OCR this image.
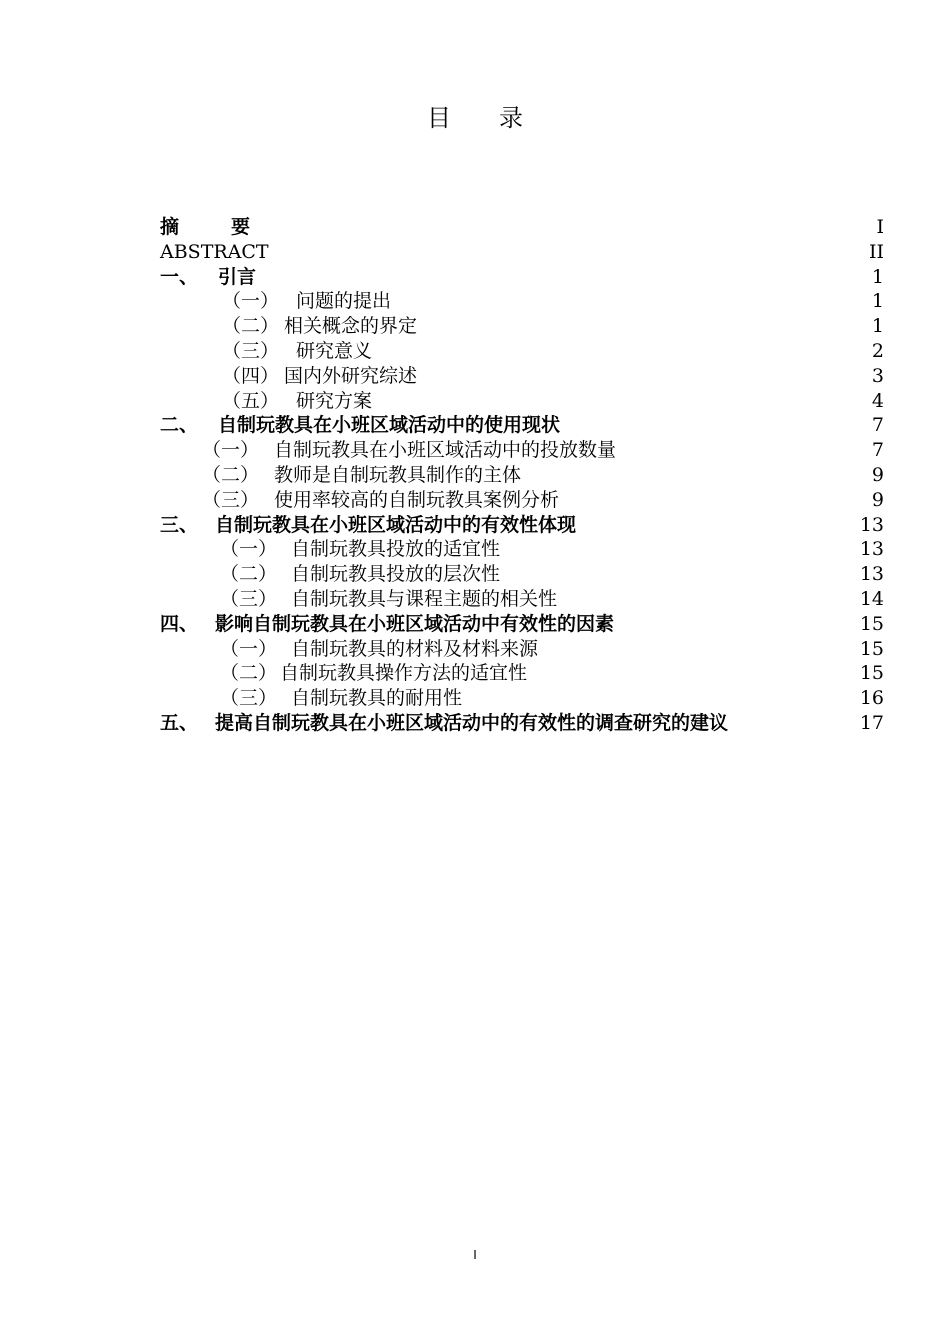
目 录
摘	要	I
ABSTRACT	II
一、 引言	1
（一） 问题的提出	1
（二） 相关概念的界定	1
（三） 研究意义	2
（四） 国内外研究综述	3
（五） 研究方案	4
二、 自制玩教具在小班区域活动中的使用现状	7
（一） 自制玩教具在小班区域活动中的投放数量	7
（二） 教师是自制玩教具制作的主体	9
（三） 使用率较高的自制玩教具案例分析	9
三、 自制玩教具在小班区域活动中的有效性体现	13
（一） 自制玩教具投放的适宜性	13
（二） 自制玩教具投放的层次性	13
（三） 自制玩教具与课程主题的相关性	14
四、 影响自制玩教具在小班区域活动中有效性的因素	15
（一） 自制玩教具的材料及材料来源	15
（二） 自制玩教具操作方法的适宜性	15
（三） 自制玩教具的耐用性	16
五、 提高自制玩教具在小班区域活动中的有效性的调查研究的建议	17
I
